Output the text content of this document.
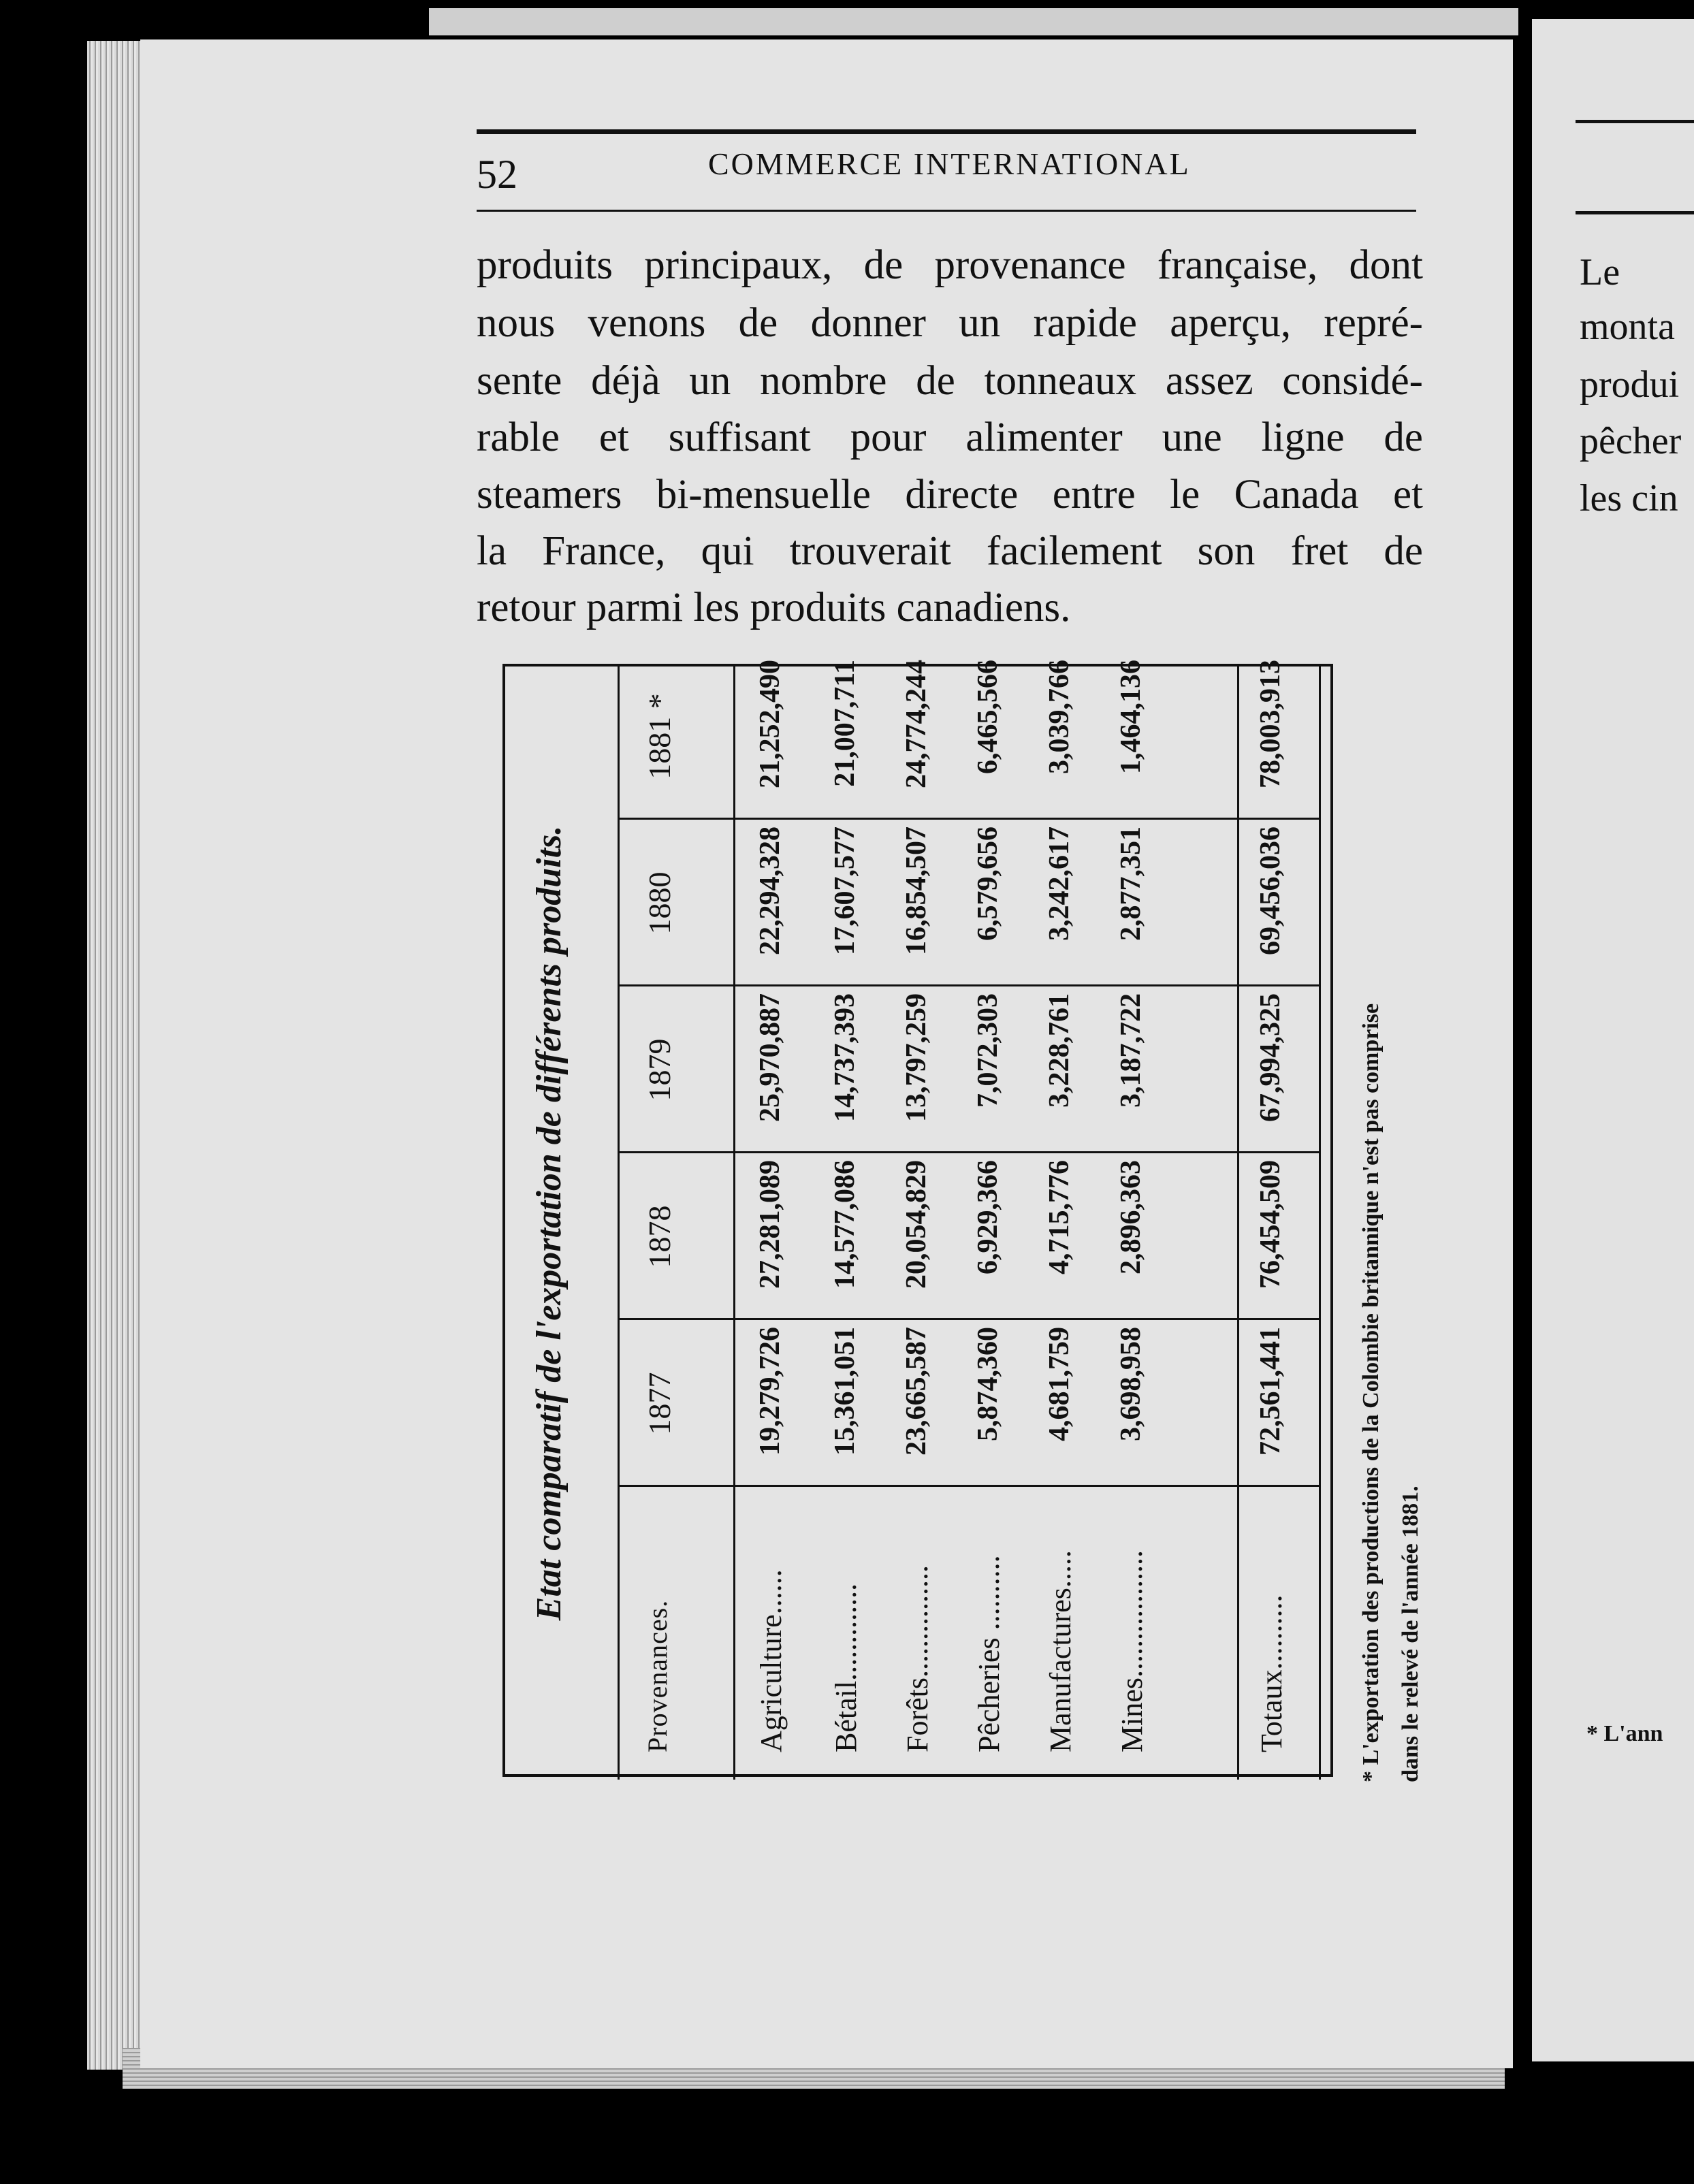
Le
monta
produi
pêcher
les cin
* L'ann
52	COMMERCE INTERNATIONAL
produits principaux, de provenance française, dont
nous venons de donner un rapide aperçu, repré-
sente déjà un nombre de tonneaux assez considé-
rable et suffisant pour alimenter une ligne de
steamers bi-mensuelle directe entre le Canada et
la France, qui trouverait facilement son fret de
retour parmi les produits canadiens.
Etat comparatif de l'exportation de différents produits.
Provenances.
1877
1878
1879
1880
1881 *
Agriculture......
19,279,726
27,281,089
25,970,887
22,294,328
21,252,490
Bétail.............
15,361,051
14,577,086
14,737,393
17,607,577
21,007,711
Forêts...............
23,665,587
20,054,829
13,797,259
16,854,507
24,774,244
Pêcheries ..........
5,874,360
6,929,366
7,072,303
6,579,656
6,465,566
Manufactures.....
4,681,759
4,715,776
3,228,761
3,242,617
3,039,766
Mines.................
3,698,958
2,896,363
3,187,722
2,877,351
1,464,136
Totaux..........
72,561,441
76,454,509
67,994,325
69,456,036
78,003,913
* L'exportation des productions de la Colombie britannique n'est pas comprise dans le relevé de l'année 1881.
